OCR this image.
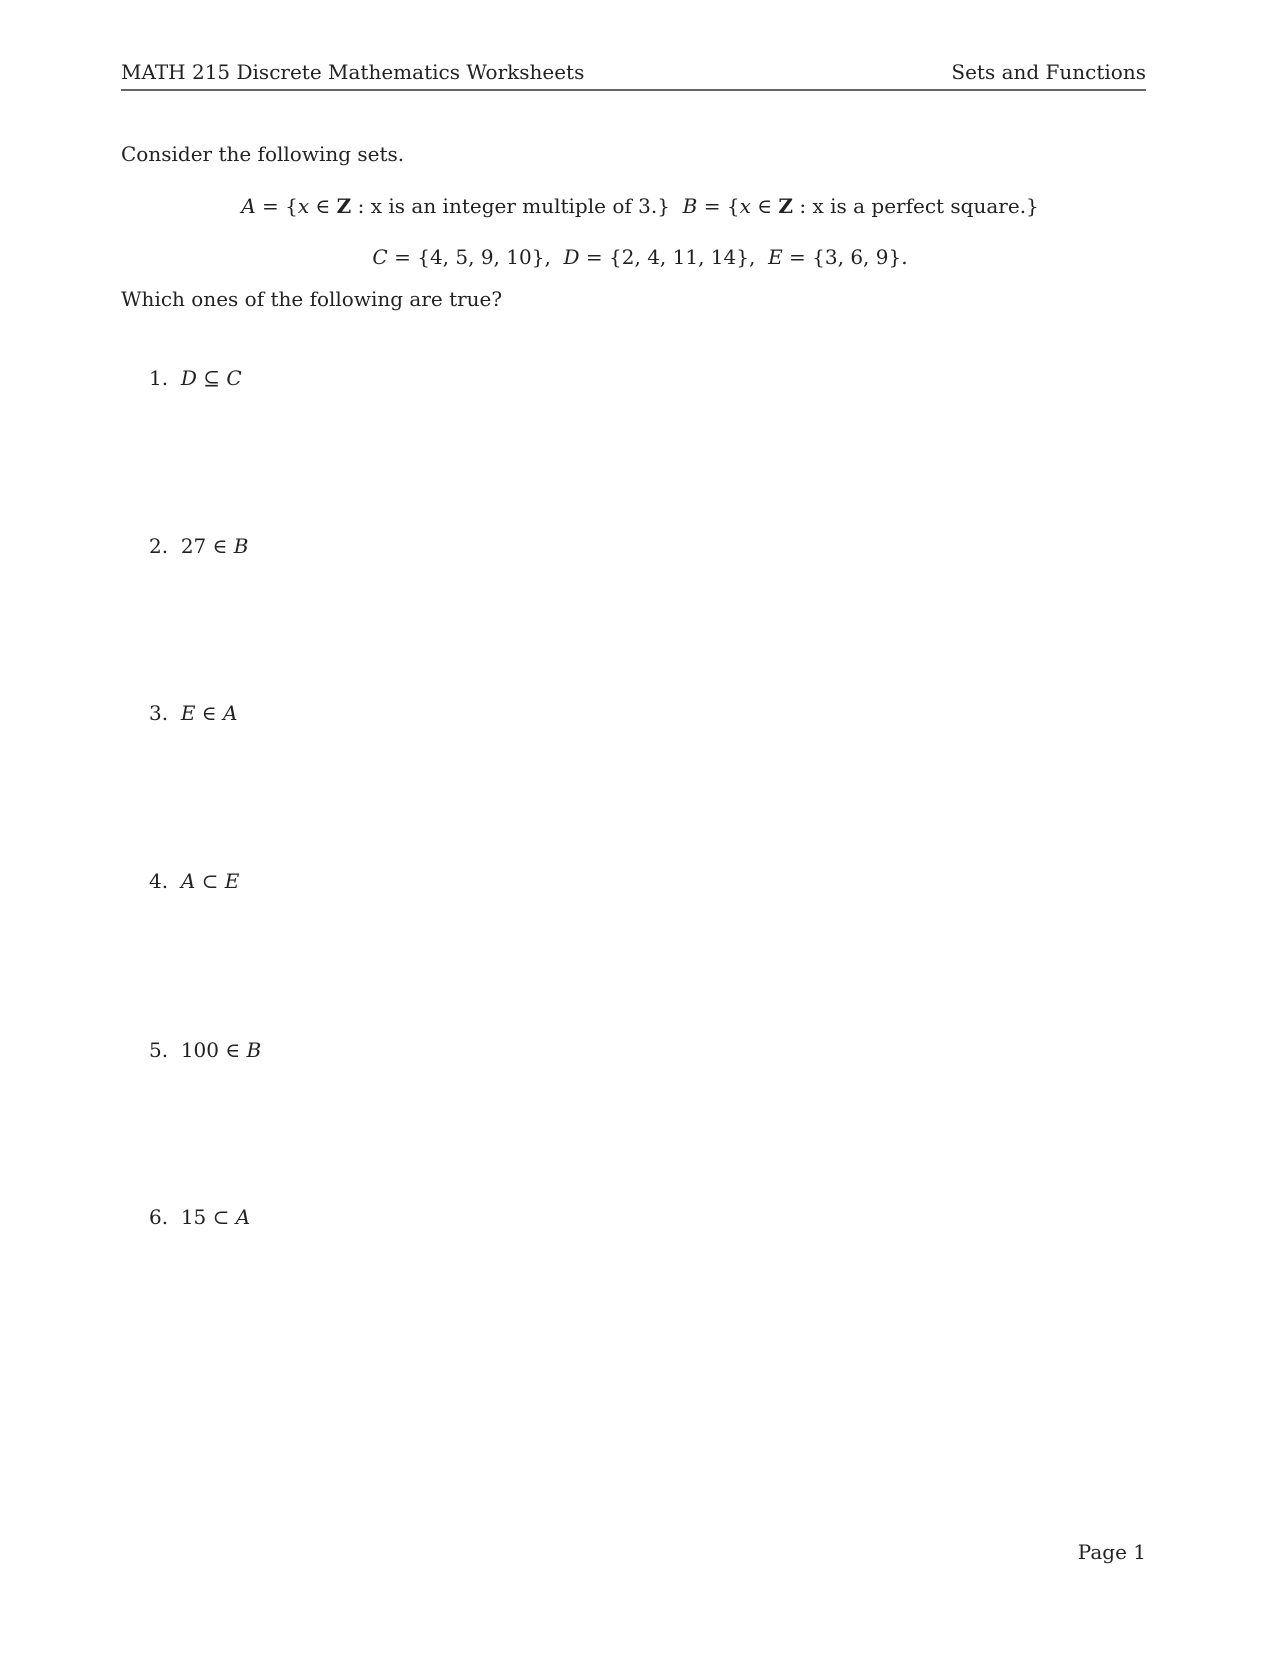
MATH 215 Discrete Mathematics Worksheets	Sets and Functions
Consider the following sets.
A = {x ∈ Z : x is an integer multiple of 3.}  B = {x ∈ Z : x is a perfect square.}
C = {4, 5, 9, 10},  D = {2, 4, 11, 14},  E = {3, 6, 9}.
Which ones of the following are true?
1. D ⊆ C
2. 27 ∈ B
3. E ∈ A
4. A ⊂ E
5. 100 ∈ B
6. 15 ⊂ A
Page 1
